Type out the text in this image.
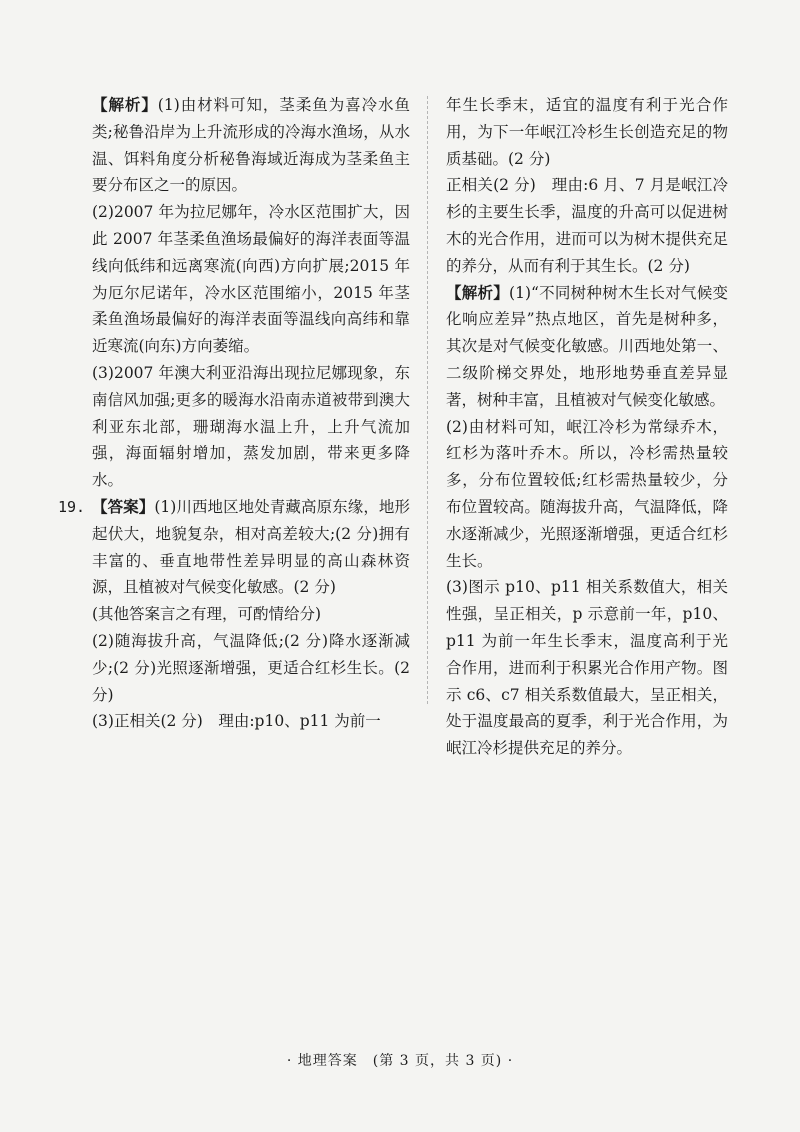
【解析】(1)由材料可知，茎柔鱼为喜冷水鱼类;秘鲁沿岸为上升流形成的冷海水渔场，从水温、饵料角度分析秘鲁海域近海成为茎柔鱼主要分布区之一的原因。

(2)2007 年为拉尼娜年，冷水区范围扩大，因此 2007 年茎柔鱼渔场最偏好的海洋表面等温线向低纬和远离寒流(向西)方向扩展;2015 年为厄尔尼诺年，冷水区范围缩小，2015 年茎柔鱼渔场最偏好的海洋表面等温线向高纬和靠近寒流(向东)方向萎缩。

(3)2007 年澳大利亚沿海出现拉尼娜现象，东南信风加强;更多的暖海水沿南赤道被带到澳大利亚东北部，珊瑚海水温上升，上升气流加强，海面辐射增加，蒸发加剧，带来更多降水。

19. 【答案】(1)川西地区地处青藏高原东缘，地形起伏大，地貌复杂，相对高差较大;(2 分)拥有丰富的、垂直地带性差异明显的高山森林资源，且植被对气候变化敏感。(2 分)

(其他答案言之有理，可酌情给分)

(2)随海拔升高，气温降低;(2 分)降水逐渐减少;(2 分)光照逐渐增强，更适合红杉生长。(2 分)

(3)正相关(2 分)　理由:p10、p11 为前一

年生长季末，适宜的温度有利于光合作用，为下一年岷江冷杉生长创造充足的物质基础。(2 分)

正相关(2 分)　理由:6 月、7 月是岷江冷杉的主要生长季，温度的升高可以促进树木的光合作用，进而可以为树木提供充足的养分，从而有利于其生长。(2 分)

【解析】(1)“不同树种树木生长对气候变化响应差异”热点地区，首先是树种多，其次是对气候变化敏感。川西地处第一、二级阶梯交界处，地形地势垂直差异显著，树种丰富，且植被对气候变化敏感。

(2)由材料可知，岷江冷杉为常绿乔木，红杉为落叶乔木。所以，冷杉需热量较多，分布位置较低;红杉需热量较少，分布位置较高。随海拔升高，气温降低，降水逐渐减少，光照逐渐增强，更适合红杉生长。

(3)图示 p10、p11 相关系数值大，相关性强，呈正相关，p 示意前一年，p10、p11 为前一年生长季末，温度高利于光合作用，进而利于积累光合作用产物。图示 c6、c7 相关系数值最大，呈正相关，处于温度最高的夏季，利于光合作用，为岷江冷杉提供充足的养分。

· 地理答案　(第 3 页，共 3 页) ·
